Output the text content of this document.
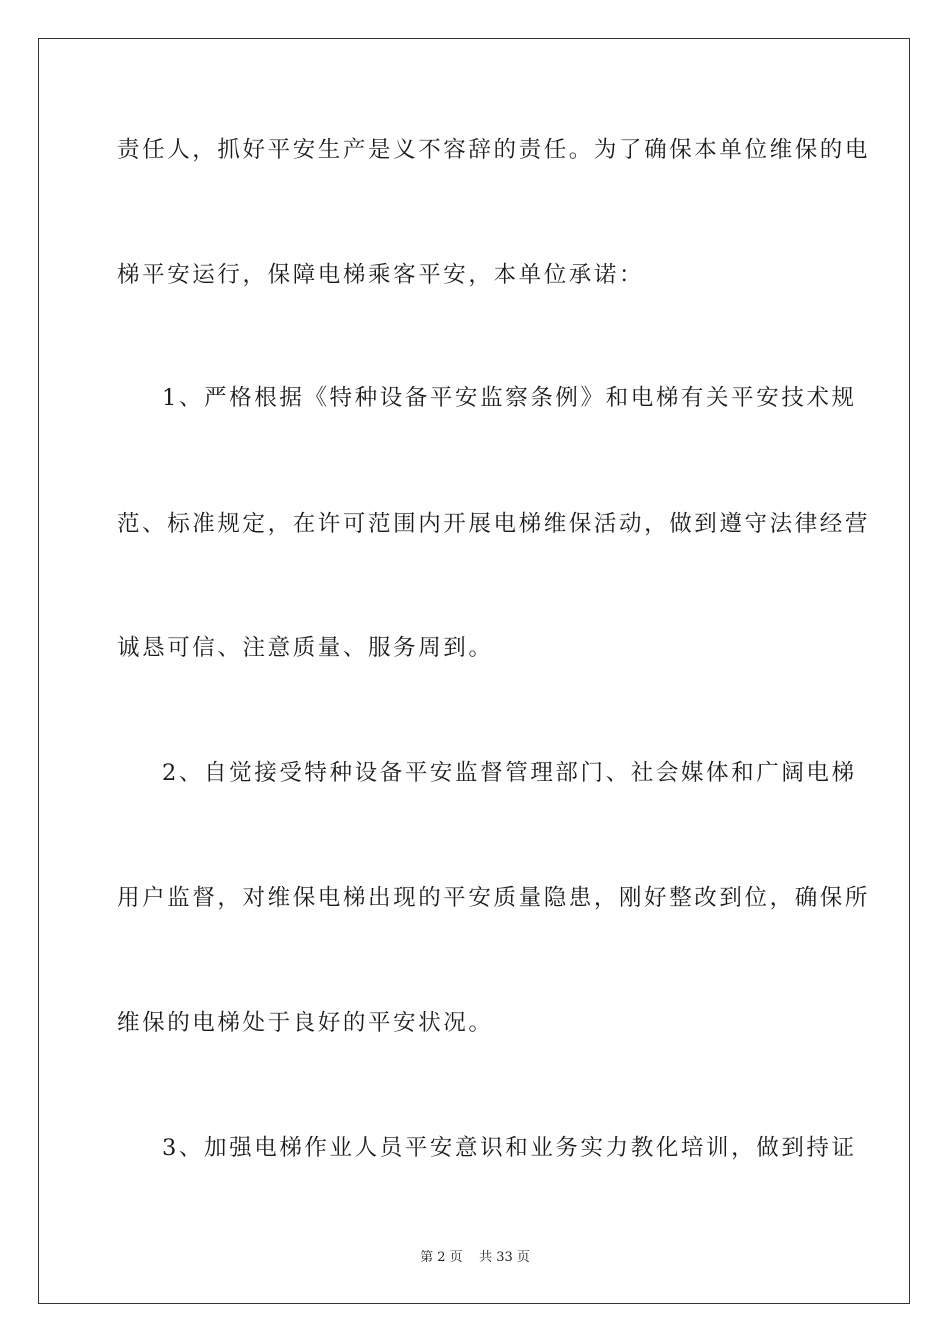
责任人，抓好平安生产是义不容辞的责任。为了确保本单位维保的电
梯平安运行，保障电梯乘客平安，本单位承诺：
1、严格根据《特种设备平安监察条例》和电梯有关平安技术规
范、标准规定，在许可范围内开展电梯维保活动，做到遵守法律经营
诚恳可信、注意质量、服务周到。
2、自觉接受特种设备平安监督管理部门、社会媒体和广阔电梯
用户监督，对维保电梯出现的平安质量隐患，刚好整改到位，确保所
维保的电梯处于良好的平安状况。
3、加强电梯作业人员平安意识和业务实力教化培训，做到持证
第 2 页    共 33 页
